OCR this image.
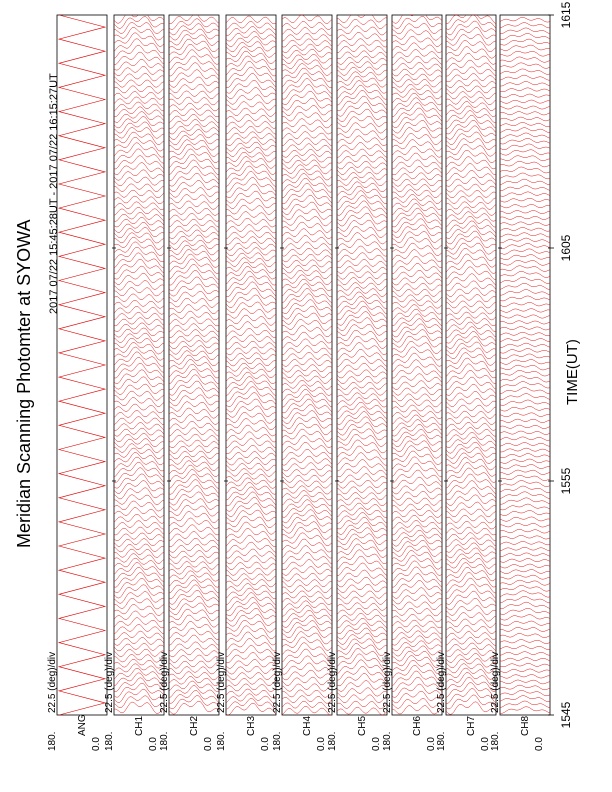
180.	0.0
ANG
22.5 (deg)/div
180.	0.0
CH1
22.5 (deg)/div
180.	0.0
CH2
22.5 (deg)/div
180.	0.0
CH3
22.5 (deg)/div
180.	0.0
CH4
22.5 (deg)/div
180.	0.0
CH5
22.5 (deg)/div
180.	0.0
CH6
22.5 (deg)/div
180.	0.0
CH7
22.5 (deg)/div
180.	0.0
CH8
22.5 (deg)/div
1545
1555
1605
1615
Meridian Scanning Photomter at SYOWA
2017 07/22 15:45:28UT - 2017 07/22 16:15:27UT
TIME(UT)
